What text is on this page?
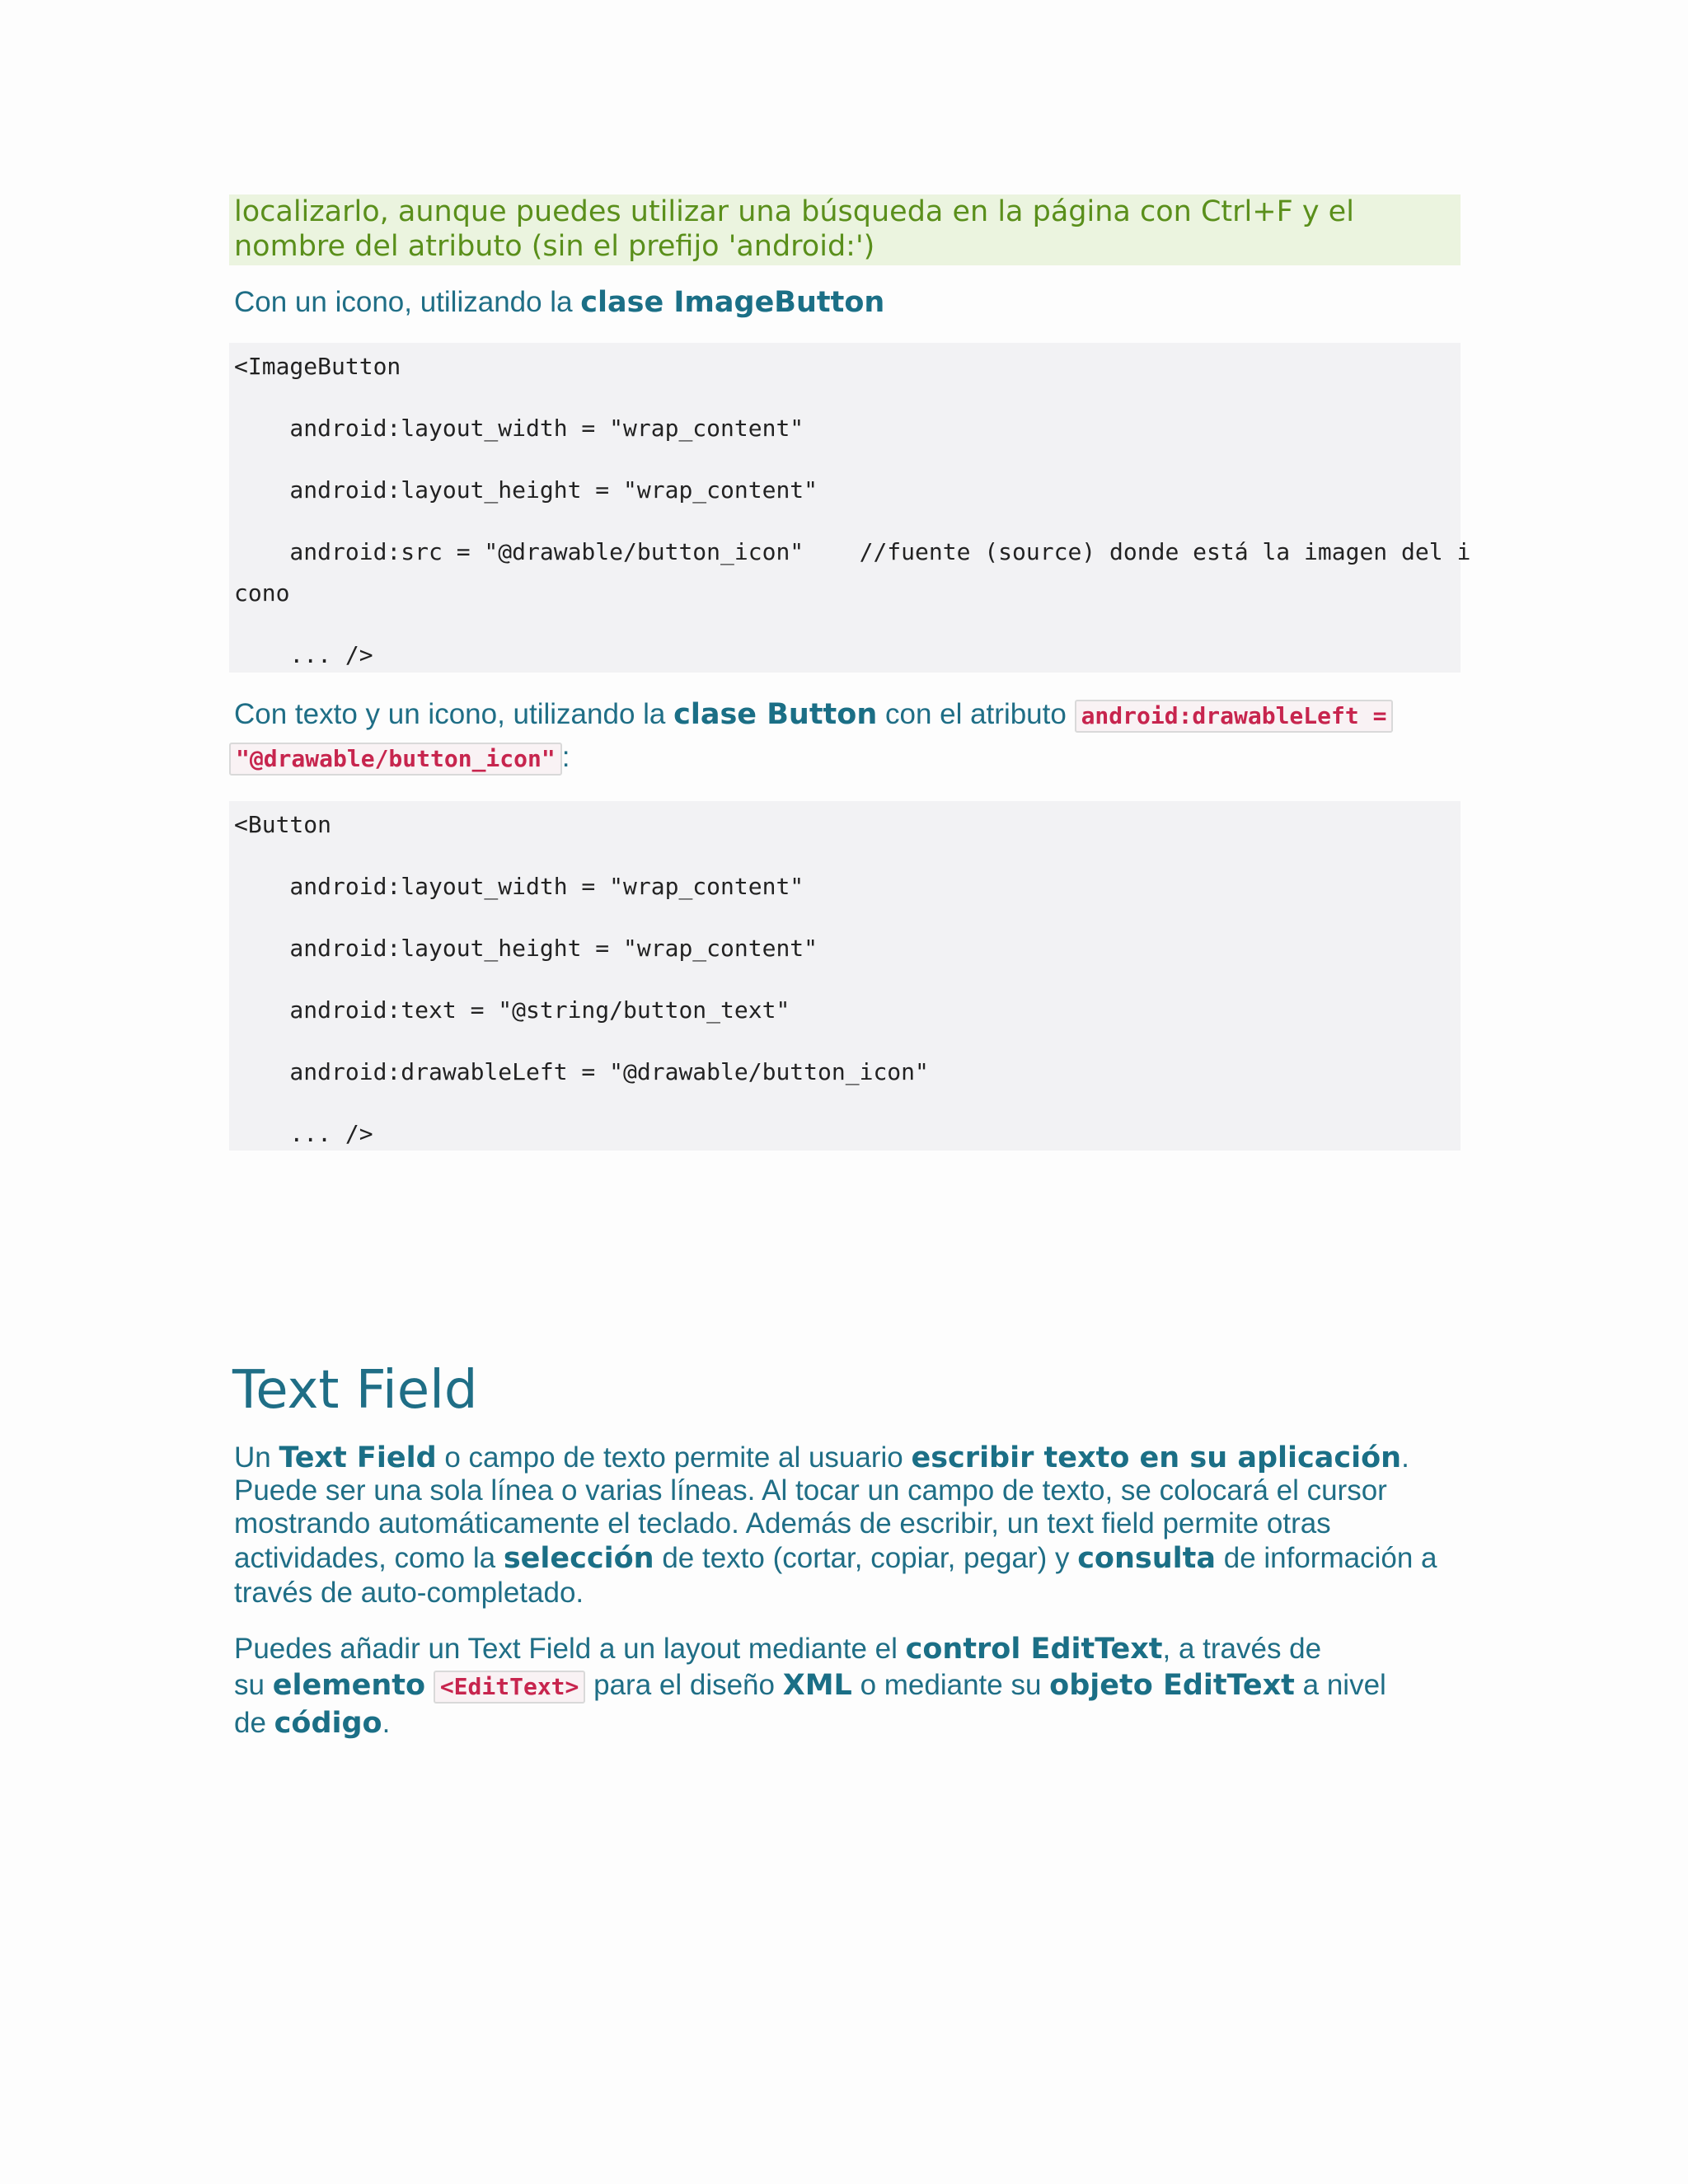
localizarlo, aunque puedes utilizar una búsqueda en la página con Ctrl+F y el

nombre del atributo (sin el prefijo 'android:')

Con un icono, utilizando la clase ImageButton

<ImageButton
android:layout_width = "wrap_content"
android:layout_height = "wrap_content"
android:src = "@drawable/button_icon"    //fuente (source) donde está la imagen del i
cono
... />

Con texto y un icono, utilizando la clase Button con el atributo android:drawableLeft =

"@drawable/button_icon" :

<Button
android:layout_width = "wrap_content"
android:layout_height = "wrap_content"
android:text = "@string/button_text"
android:drawableLeft = "@drawable/button_icon"
... />
Text Field

Un Text Field o campo de texto permite al usuario escribir texto en su aplicación.

Puede ser una sola línea o varias líneas. Al tocar un campo de texto, se colocará el cursor

mostrando automáticamente el teclado. Además de escribir, un text field permite otras

actividades, como la selección de texto (cortar, copiar, pegar) y consulta de información a

través de auto-completado.

Puedes añadir un Text Field a un layout mediante el control EditText, a través de

su elemento <EditText> para el diseño XML o mediante su objeto EditText a nivel

de código.
